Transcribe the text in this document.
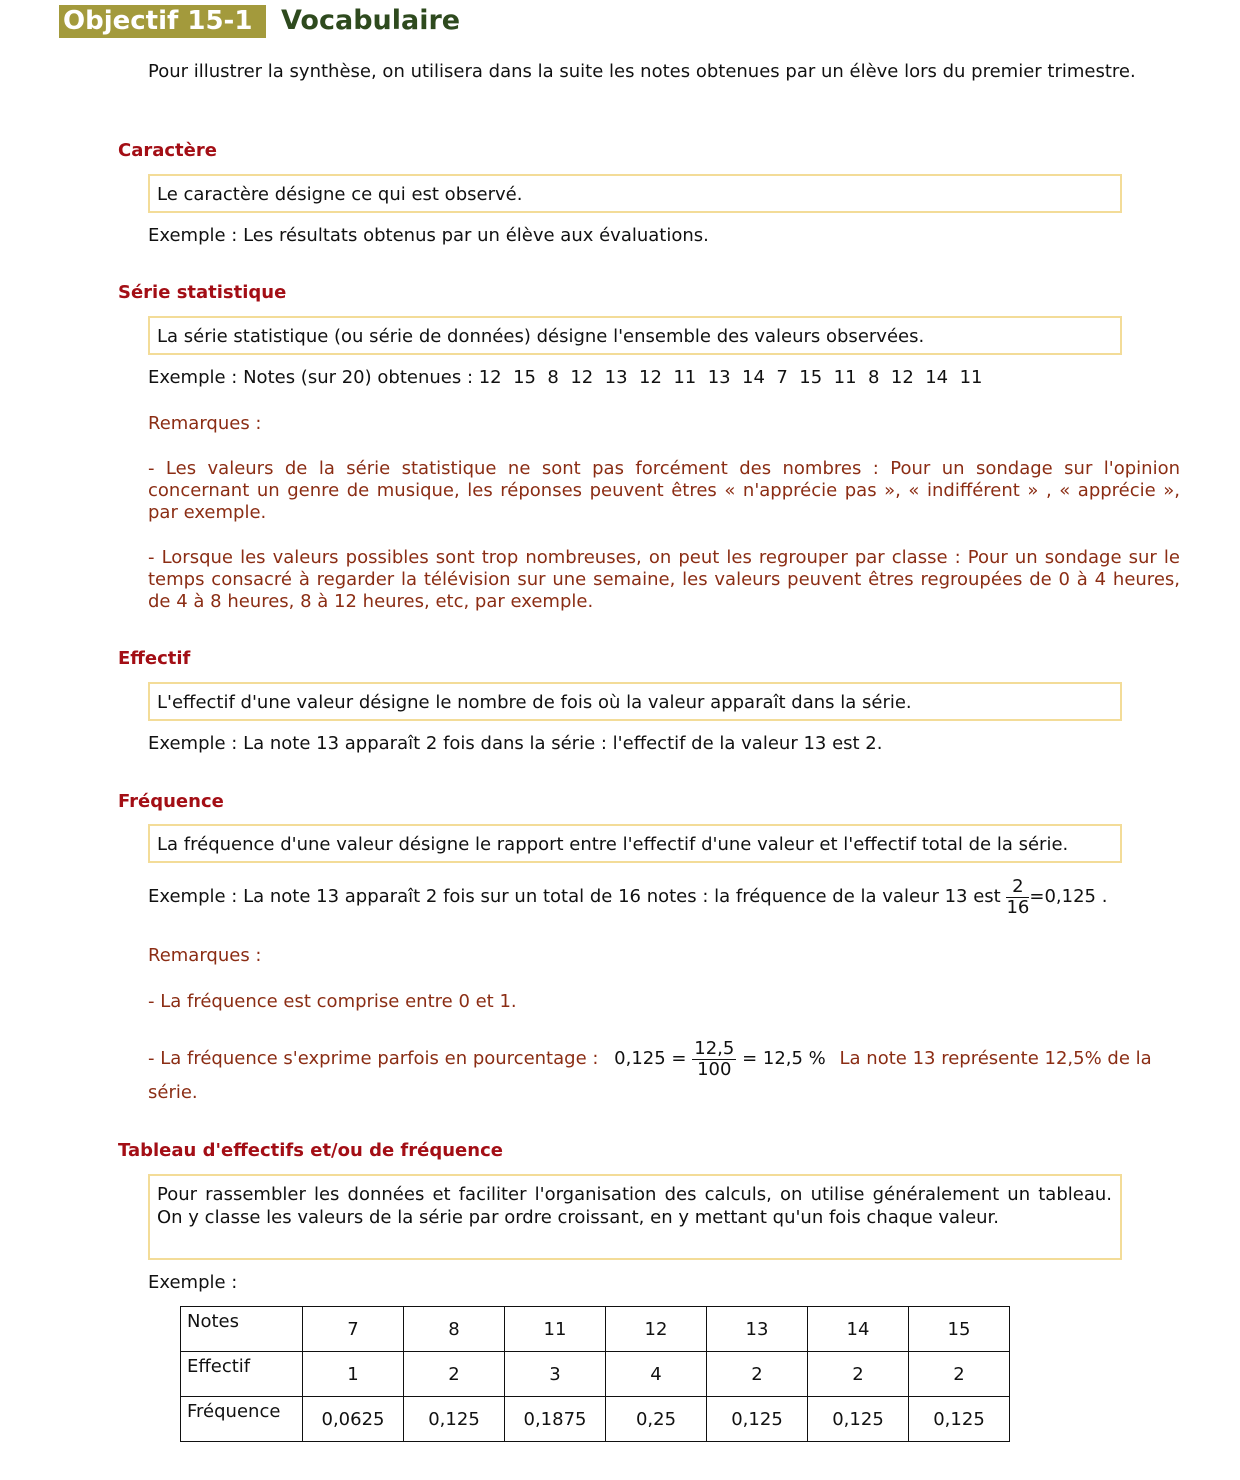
Objectif 15-1	Vocabulaire
Pour illustrer la synthèse, on utilisera dans la suite les notes obtenues par un élève lors du premier trimestre.
Caractère
Le caractère désigne ce qui est observé.
Exemple : Les résultats obtenus par un élève aux évaluations.
Série statistique
La série statistique (ou série de données) désigne l'ensemble des valeurs observées.
Exemple : Notes (sur 20) obtenues : 12  15  8  12  13  12  11  13  14  7  15  11  8  12  14  11
Remarques :
- Les valeurs de la série statistique ne sont pas forcément des nombres : Pour un sondage sur l'opinion concernant un genre de musique, les réponses peuvent êtres « n'apprécie pas », « indifférent » , « apprécie », par exemple.
- Lorsque les valeurs possibles sont trop nombreuses, on peut les regrouper par classe : Pour un sondage sur le temps consacré à regarder la télévision sur une semaine, les valeurs peuvent êtres regroupées de 0 à 4 heures, de 4 à 8 heures, 8 à 12 heures, etc, par exemple.
Effectif
L'effectif d'une valeur désigne le nombre de fois où la valeur apparaît dans la série.
Exemple : La note 13 apparaît 2 fois dans la série : l'effectif de la valeur 13 est 2.
Fréquence
La fréquence d'une valeur désigne le rapport entre l'effectif d'une valeur et l'effectif total de la série.
Exemple : La note 13 apparaît 2 fois sur un total de 16 notes : la fréquence de la valeur 13 est $\frac{2}{16} =0,125$ .
Remarques :
- La fréquence est comprise entre 0 et 1.
- La fréquence s'exprime parfois en pourcentage : $0,125 = \frac{12,5}{100} = 12,5$ % La note 13 représente 12,5% de la
série.
Tableau d'effectifs et/ou de fréquence
Pour rassembler les données et faciliter l'organisation des calculs, on utilise généralement un tableau. On y classe les valeurs de la série par ordre croissant, en y mettant qu'un fois chaque valeur.
Exemple :
Notes	7	8	11	12	13	14	15
Effectif	1	2	3	4	2	2	2
Fréquence	0,0625	0,125	0,1875	0,25	0,125	0,125	0,125
